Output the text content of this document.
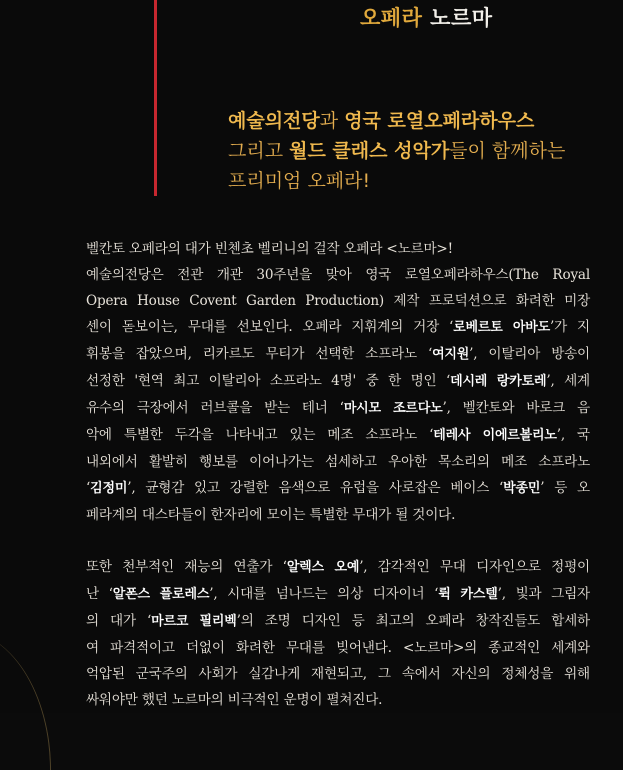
오페라 노르마
예술의전당과 영국 로열오페라하우스
그리고 월드 클래스 성악가들이 함께하는
프리미엄 오페라!

벨칸토 오페라의 대가 빈첸초 벨리니의 걸작 오페라 <노르마>!
예술의전당은 전관 개관 30주년을 맞아 영국 로열오페라하우스(The Royal
Opera House Covent Garden Production) 제작 프로덕션으로 화려한 미장
센이 돋보이는, 무대를 선보인다. 오페라 지휘계의 거장 ‘로베르토 아바도’가 지
휘봉을 잡았으며, 리카르도 무티가 선택한 소프라노 ‘여지원’, 이탈리아 방송이
선정한 '현역 최고 이탈리아 소프라노 4명' 중 한 명인 ‘데시레 랑카토레’, 세계
유수의 극장에서 러브콜을 받는 테너 ‘마시모 조르다노’, 벨칸토와 바로크 음
악에 특별한 두각을 나타내고 있는 메조 소프라노 ‘테레사 이에르볼리노’, 국
내외에서 활발히 행보를 이어나가는 섬세하고 우아한 목소리의 메조 소프라노
‘김정미’, 균형감 있고 강렬한 음색으로 유럽을 사로잡은 베이스 ‘박종민’ 등 오
페라계의 대스타들이 한자리에 모이는 특별한 무대가 될 것이다.

또한 천부적인 재능의 연출가 ‘알렉스 오예’, 감각적인 무대 디자인으로 정평이
난 ‘알폰스 플로레스’, 시대를 넘나드는 의상 디자이너 ‘뤽 카스텔’, 빛과 그림자
의 대가 ‘마르코 필리벡’의 조명 디자인 등 최고의 오페라 창작진들도 합세하
여 파격적이고 더없이 화려한 무대를 빚어낸다. <노르마>의 종교적인 세계와
억압된 군국주의 사회가 실감나게 재현되고, 그 속에서 자신의 정체성을 위해
싸워야만 했던 노르마의 비극적인 운명이 펼쳐진다.
